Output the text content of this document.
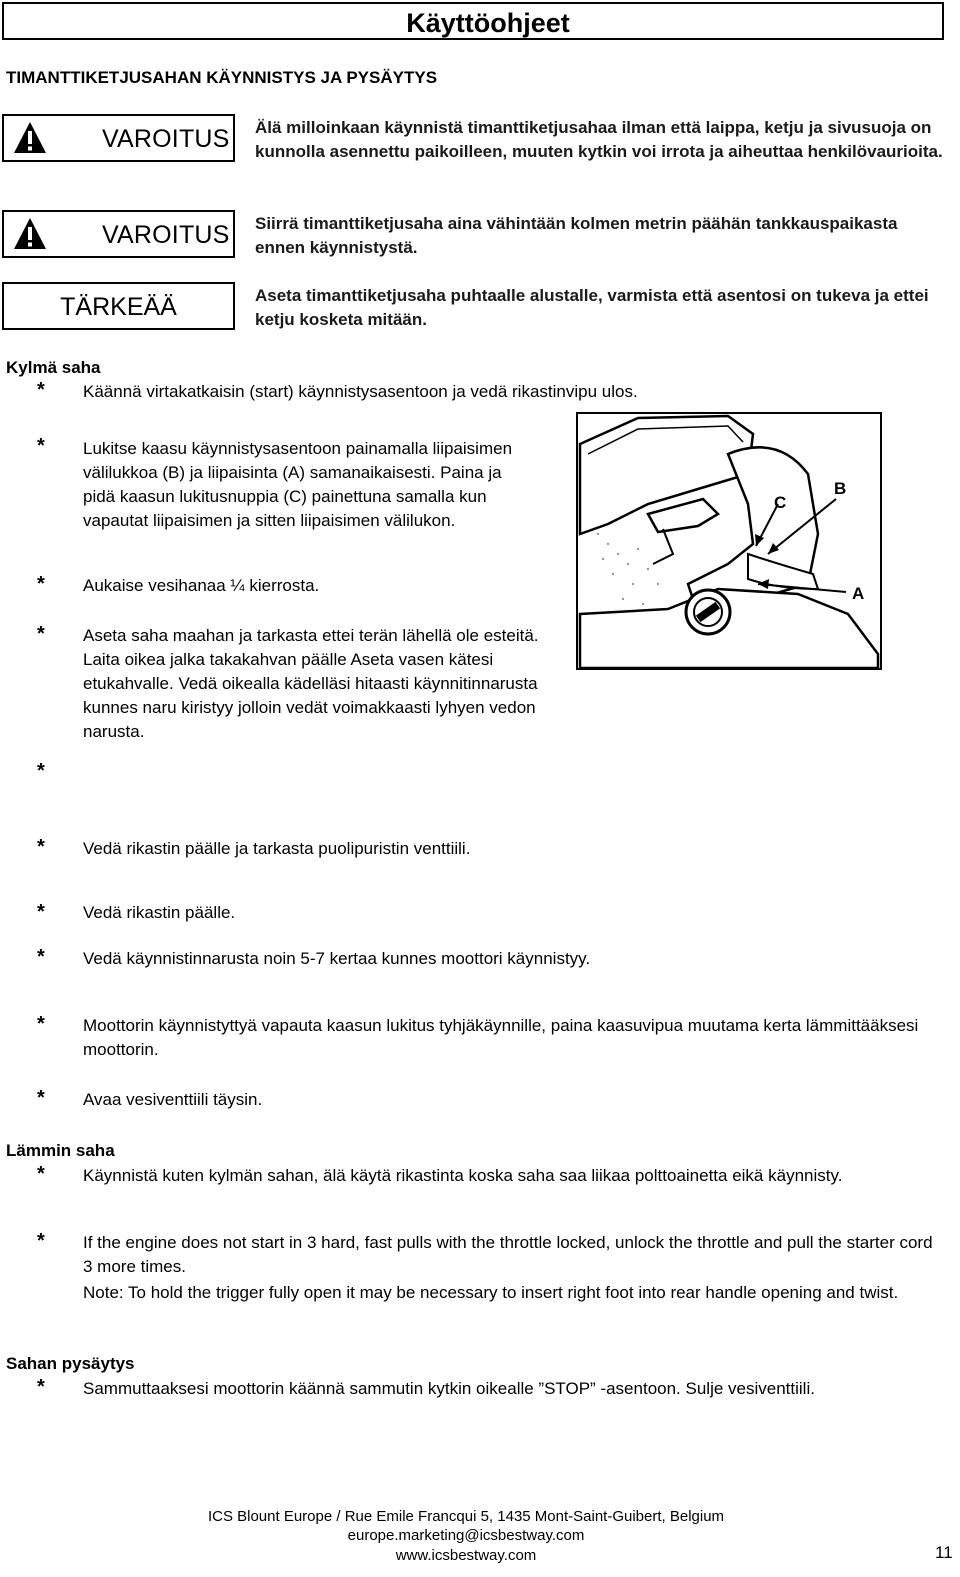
Käyttöohjeet
TIMANTTIKETJUSAHAN KÄYNNISTYS JA PYSÄYTYS
VAROITUS Älä milloinkaan käynnistä timanttiketjusahaa ilman että laippa, ketju ja sivusuoja on kunnolla asennettu paikoilleen, muuten kytkin voi irrota ja aiheuttaa henkilövaurioita.
VAROITUS Siirrä timanttiketjusaha aina vähintään kolmen metrin päähän tankkauspaikasta ennen käynnistystä.
TÄRKEÄÄ	Aseta timanttiketjusaha puhtaalle alustalle, varmista että asentosi on tukeva ja ettei ketju kosketa mitään.
Kylmä saha
* Käännä virtakatkaisin (start) käynnistysasentoon ja vedä rikastinvipu ulos.
* Lukitse kaasu käynnistysasentoon painamalla liipaisimen välilukkoa (B) ja liipaisinta (A) samanaikaisesti. Paina ja pidä kaasun lukitusnuppia (C) painettuna samalla kun vapautat liipaisimen ja sitten liipaisimen välilukon.
* Aukaise vesihanaa ¼ kierrosta.
* Aseta saha maahan ja tarkasta ettei terän lähellä ole esteitä. Laita oikea jalka takakahvan päälle Aseta vasen kätesi etukahvalle. Vedä oikealla kädelläsi hitaasti käynnitinnarusta kunnes naru kiristyy jolloin vedät voimakkaasti lyhyen vedon narusta.
*
* Vedä rikastin päälle ja tarkasta puolipuristin venttiili.
* Vedä rikastin päälle.
* Vedä käynnistinnarusta noin 5-7 kertaa kunnes moottori käynnistyy.
* Moottorin käynnistyttyä vapauta kaasun lukitus tyhjäkäynnille, paina kaasuvipua muutama kerta lämmittääksesi moottorin.
* Avaa vesiventtiili täysin.
C
B
A
Lämmin saha
* Käynnistä kuten kylmän sahan, älä käytä rikastinta koska saha saa liikaa polttoainetta eikä käynnisty.
* If the engine does not start in 3 hard, fast pulls with the throttle locked, unlock the throttle and pull the starter cord 3 more times.
Note: To hold the trigger fully open it may be necessary to insert right foot into rear handle opening and twist.
Sahan pysäytys
* Sammuttaaksesi moottorin käännä sammutin kytkin oikealle ”STOP” -asentoon. Sulje vesiventtiili.
ICS Blount Europe / Rue Emile Francqui 5, 1435 Mont-Saint-Guibert, Belgium
europe.marketing@icsbestway.com
www.icsbestway.com	11
